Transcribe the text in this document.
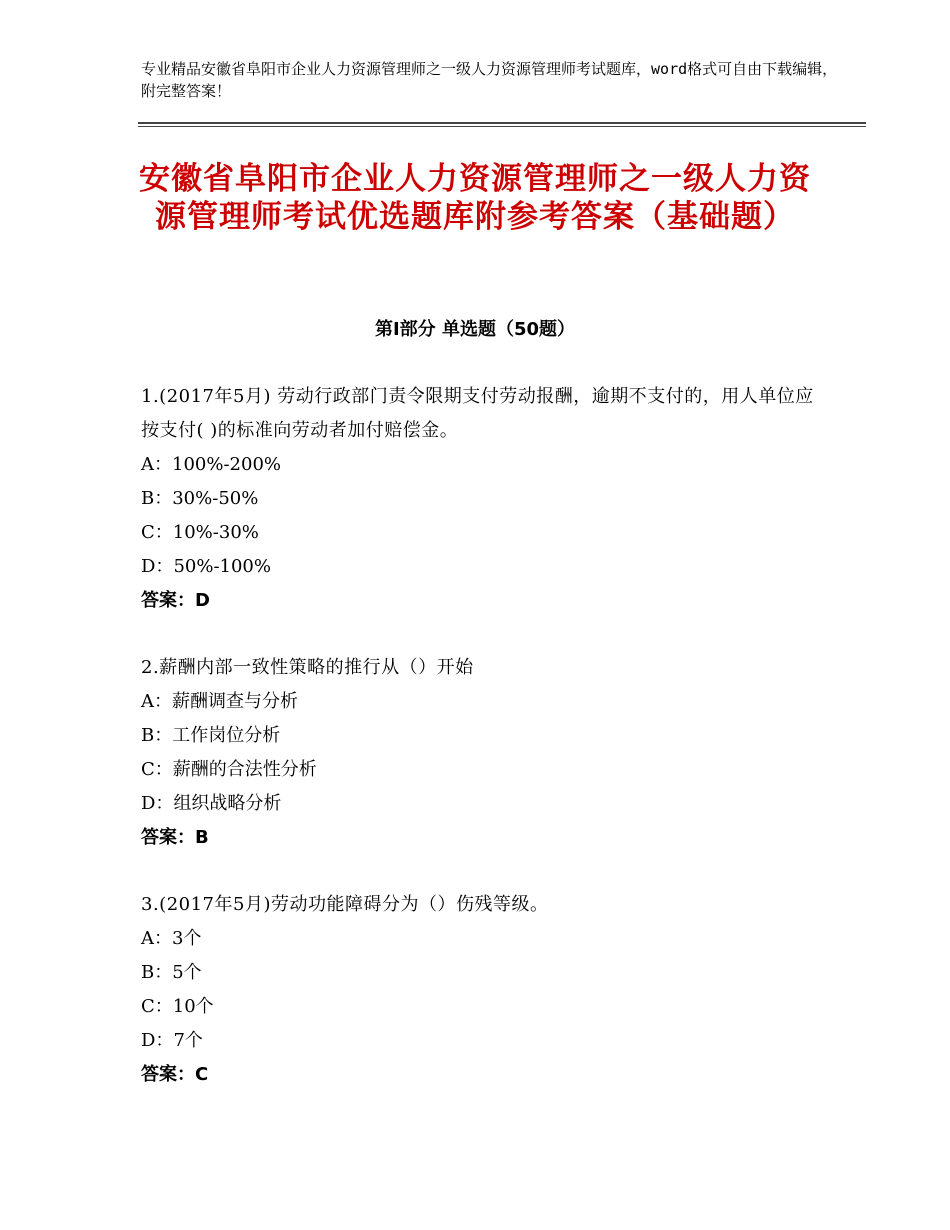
专业精品安徽省阜阳市企业人力资源管理师之一级人力资源管理师考试题库，word格式可自由下载编辑，附完整答案！
安徽省阜阳市企业人力资源管理师之一级人力资源管理师考试优选题库附参考答案（基础题）
第Ⅰ部分 单选题（50题）
1.(2017年5月) 劳动行政部门责令限期支付劳动报酬，逾期不支付的，用人单位应按支付( )的标准向劳动者加付赔偿金。
A：100%-200%
B：30%-50%
C：10%-30%
D：50%-100%
答案：D
2.薪酬内部一致性策略的推行从（）开始
A：薪酬调查与分析
B：工作岗位分析
C：薪酬的合法性分析
D：组织战略分析
答案：B
3.(2017年5月)劳动功能障碍分为（）伤残等级。
A：3个
B：5个
C：10个
D：7个
答案：C
